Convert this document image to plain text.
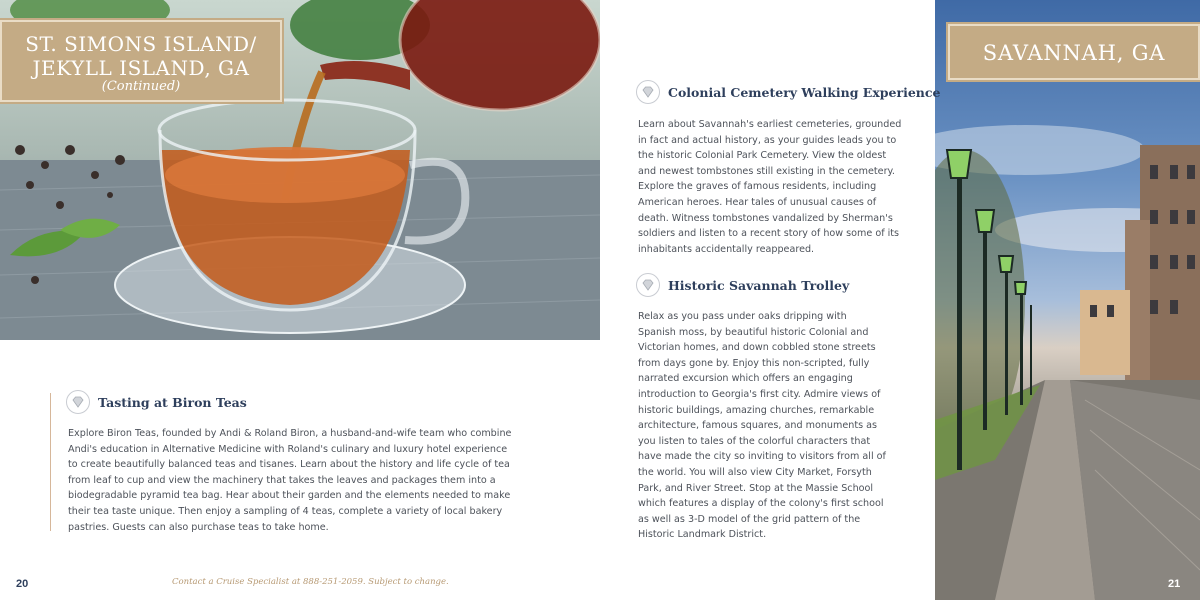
ST. SIMONS ISLAND/
JEKYLL ISLAND, GA
(Continued)
SAVANNAH, GA
Colonial Cemetery Walking Experience
Learn about Savannah's earliest cemeteries, grounded
in fact and actual history, as your guides leads you to
the historic Colonial Park Cemetery. View the oldest
and newest tombstones still existing in the cemetery.
Explore the graves of famous residents, including
American heroes. Hear tales of unusual causes of
death. Witness tombstones vandalized by Sherman's
soldiers and listen to a recent story of how some of its
inhabitants accidentally reappeared.
Historic Savannah Trolley
Relax as you pass under oaks dripping with
Spanish moss, by beautiful historic Colonial and
Victorian homes, and down cobbled stone streets
from days gone by. Enjoy this non-scripted, fully
narrated excursion which offers an engaging
introduction to Georgia's first city. Admire views of
historic buildings, amazing churches, remarkable
architecture, famous squares, and monuments as
you listen to tales of the colorful characters that
have made the city so inviting to visitors from all of
the world. You will also view City Market, Forsyth
Park, and River Street. Stop at the Massie School
which features a display of the colony's first school
as well as 3-D model of the grid pattern of the
Historic Landmark District.
Tasting at Biron Teas
Explore Biron Teas, founded by Andi & Roland Biron, a husband-and-wife team who combine
Andi's education in Alternative Medicine with Roland's culinary and luxury hotel experience
to create beautifully balanced teas and tisanes. Learn about the history and life cycle of tea
from leaf to cup and view the machinery that takes the leaves and packages them into a
biodegradable pyramid tea bag. Hear about their garden and the elements needed to make
their tea taste unique. Then enjoy a sampling of 4 teas, complete a variety of local bakery
pastries. Guests can also purchase teas to take home.
20	Contact a Cruise Specialist at 888-251-2059. Subject to change.	21
